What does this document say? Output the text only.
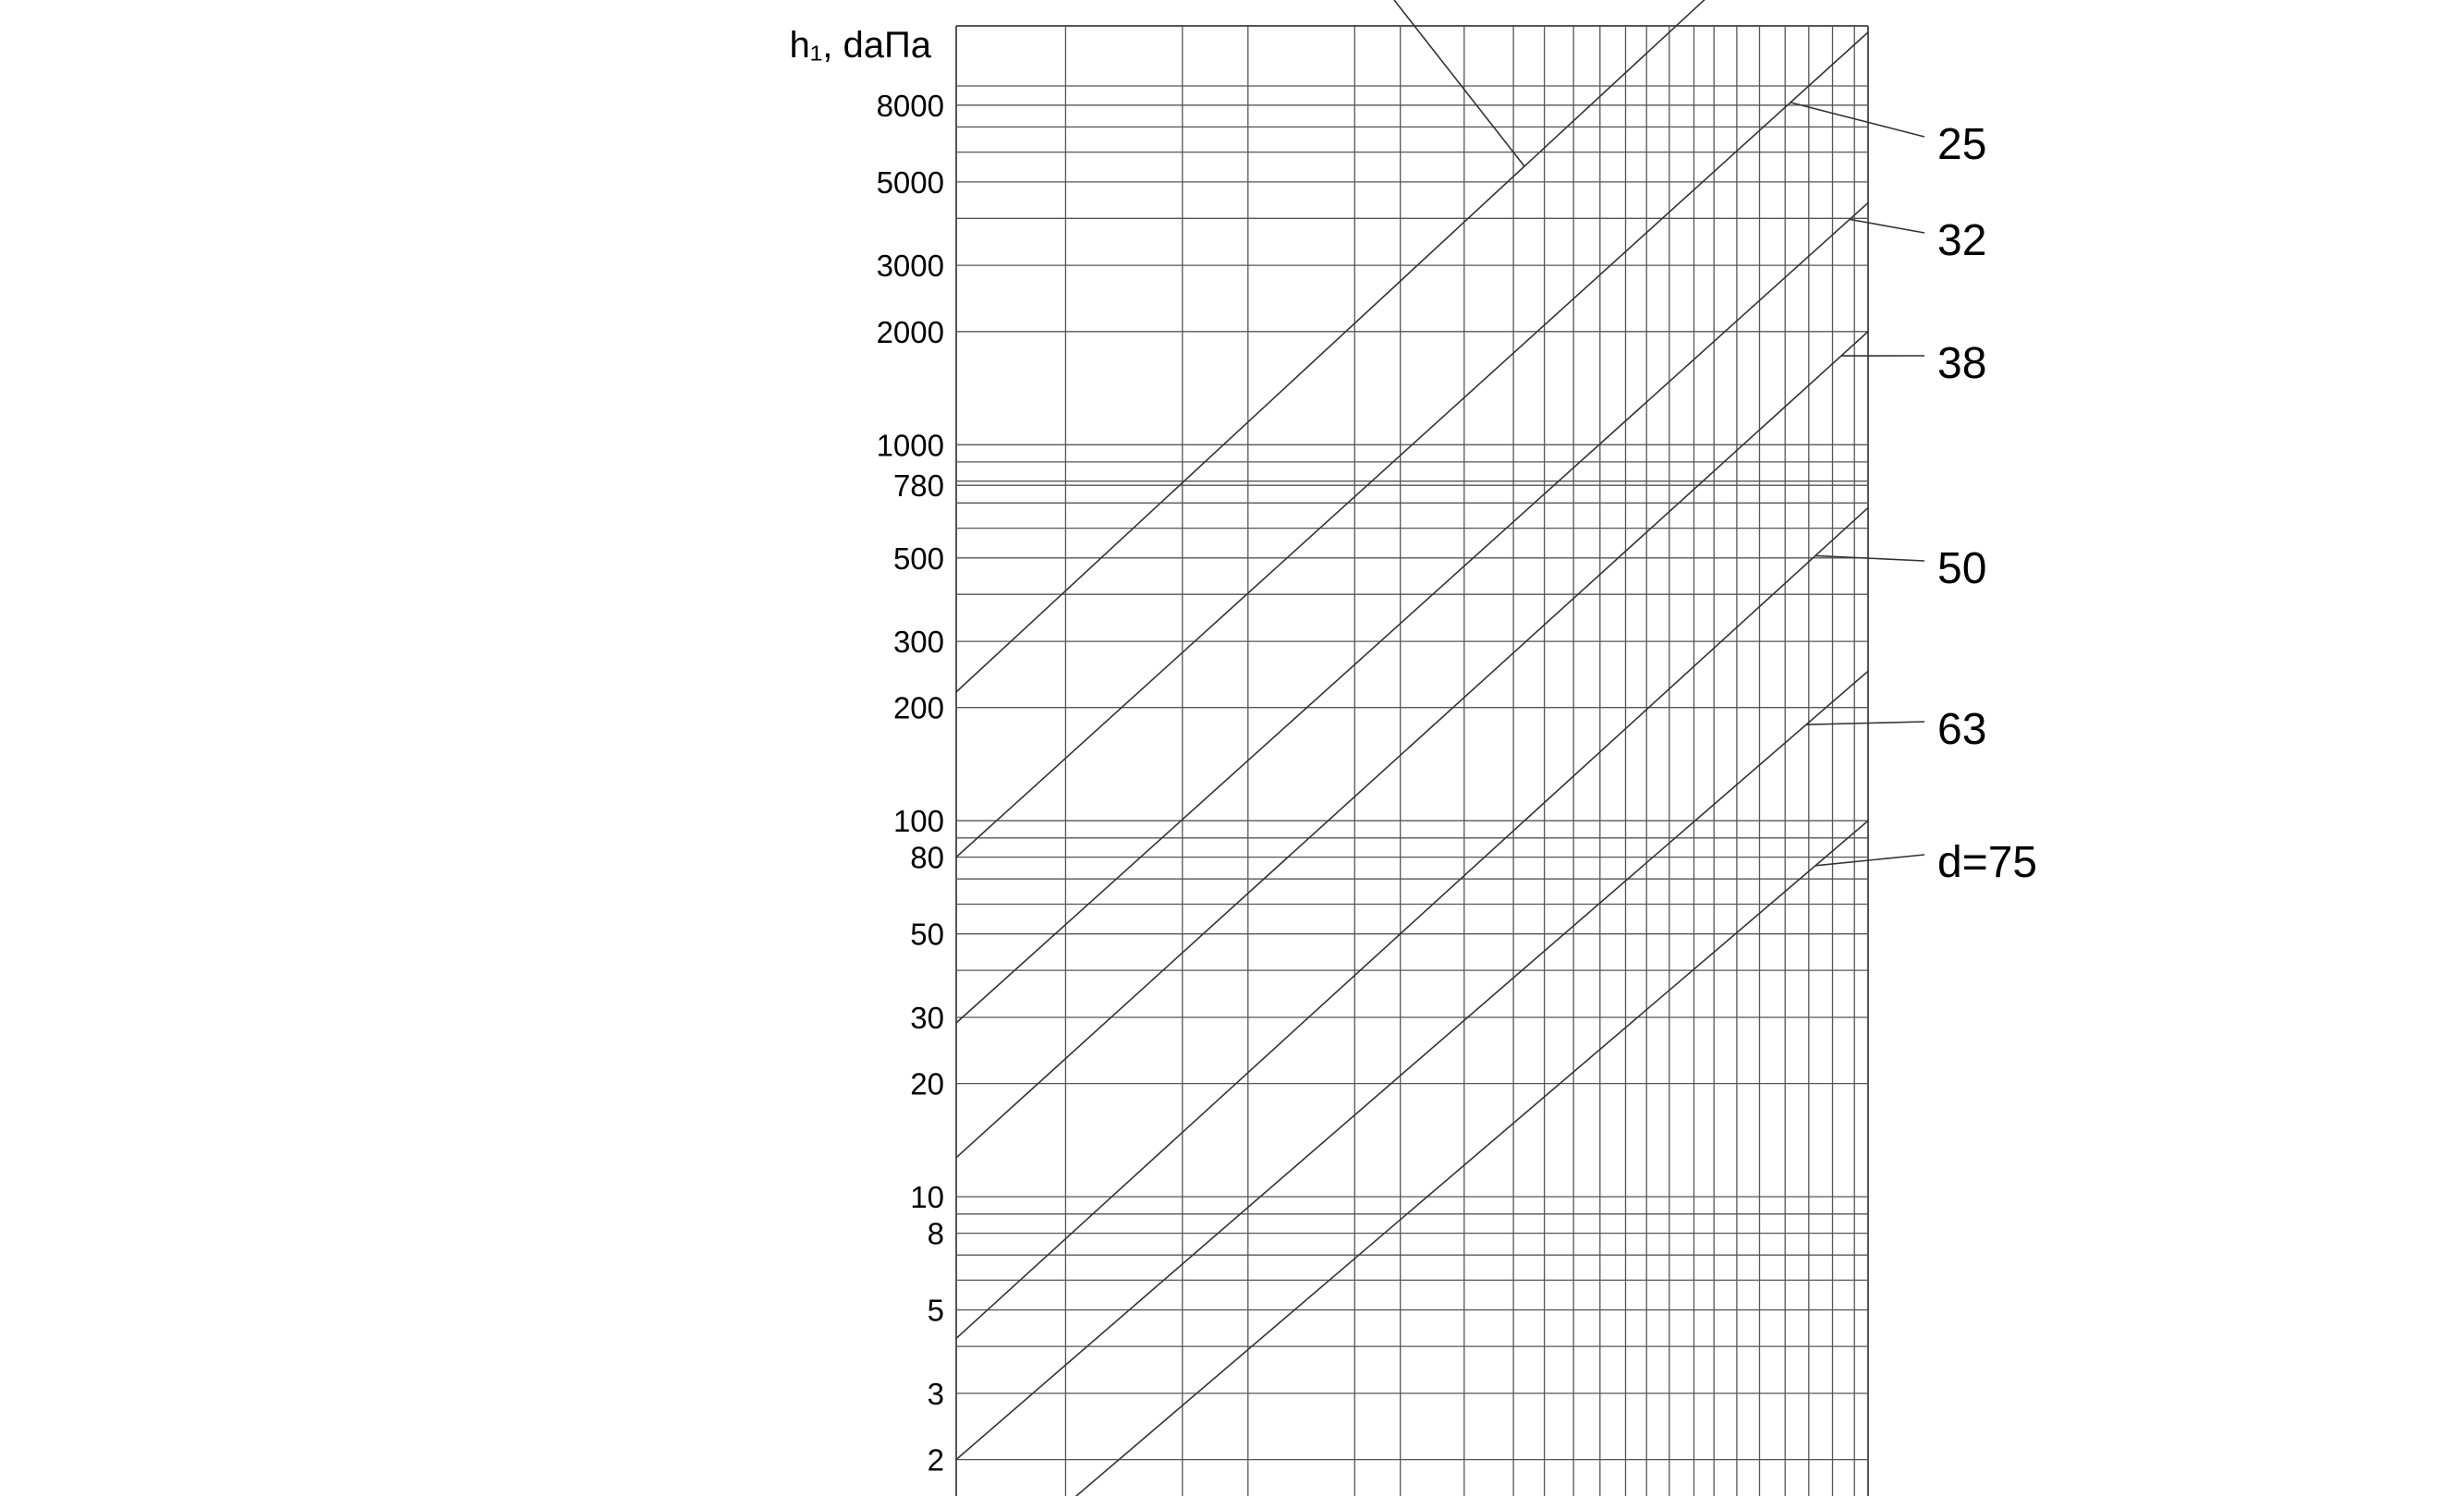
h₁, daПа
8000
5000
3000
2000
1000
780
500
300
200
100
80
50
30
20
10
8
5
3
2
25
32
38
50
63
d=75
